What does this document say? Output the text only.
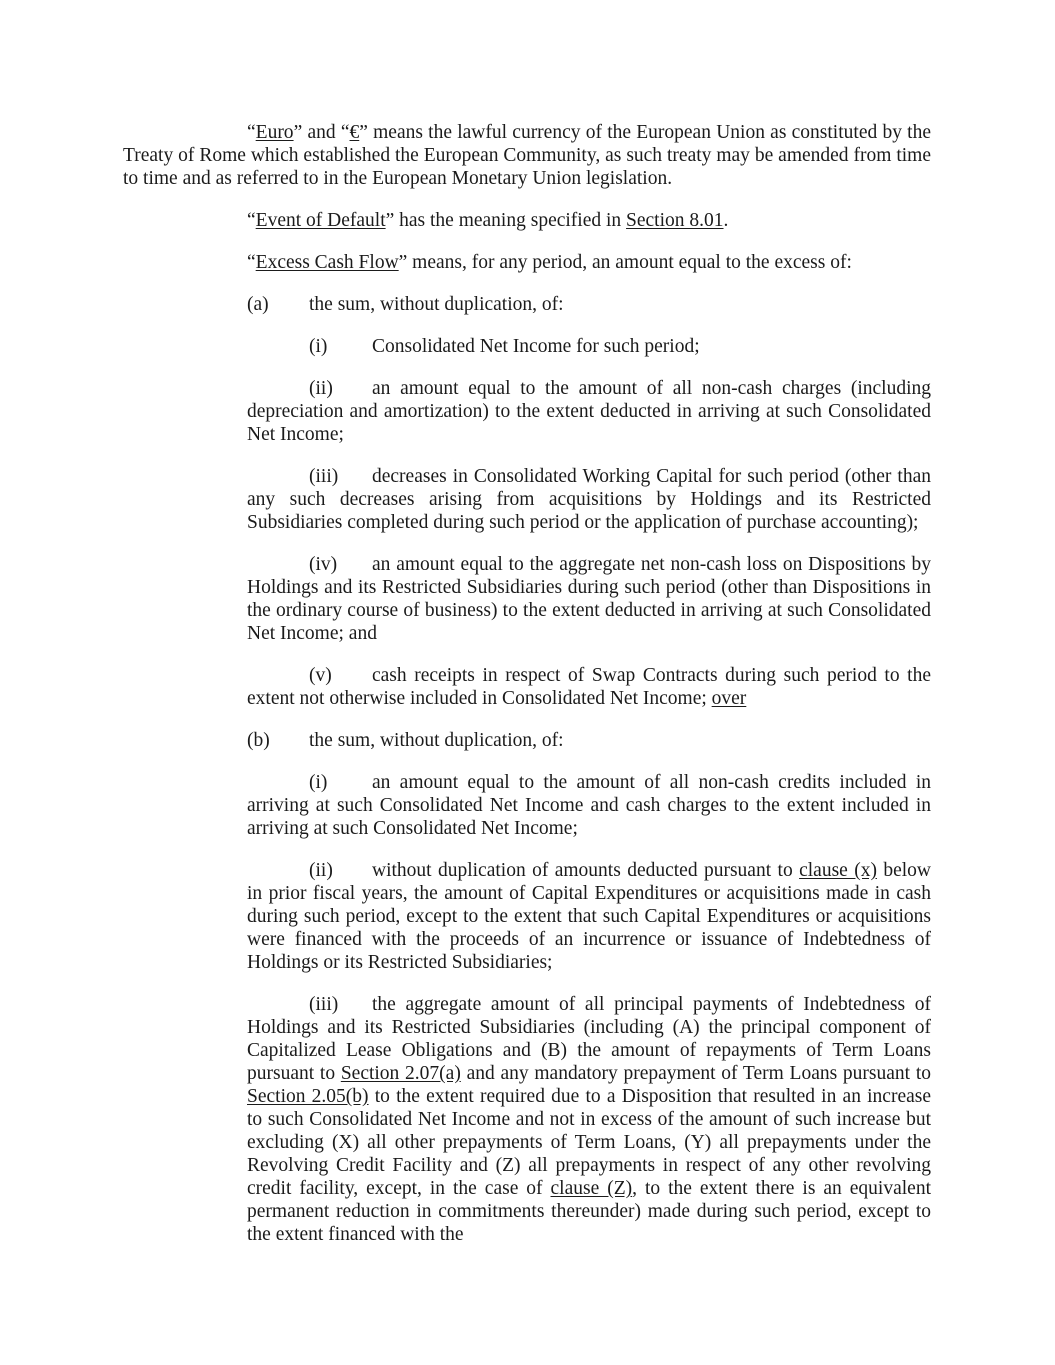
“Euro” and “€” means the lawful currency of the European Union as constituted by the Treaty of Rome which established the European Community, as such treaty may be amended from time to time and as referred to in the European Monetary Union legislation.

“Event of Default” has the meaning specified in Section 8.01.

“Excess Cash Flow” means, for any period, an amount equal to the excess of:

(a) the sum, without duplication, of:

(i) Consolidated Net Income for such period;

(ii) an amount equal to the amount of all non-cash charges (including depreciation and amortization) to the extent deducted in arriving at such Consolidated Net Income;

(iii) decreases in Consolidated Working Capital for such period (other than any such decreases arising from acquisitions by Holdings and its Restricted Subsidiaries completed during such period or the application of purchase accounting);

(iv) an amount equal to the aggregate net non-cash loss on Dispositions by Holdings and its Restricted Subsidiaries during such period (other than Dispositions in the ordinary course of business) to the extent deducted in arriving at such Consolidated Net Income; and

(v) cash receipts in respect of Swap Contracts during such period to the extent not otherwise included in Consolidated Net Income; over

(b) the sum, without duplication, of:

(i) an amount equal to the amount of all non-cash credits included in arriving at such Consolidated Net Income and cash charges to the extent included in arriving at such Consolidated Net Income;

(ii) without duplication of amounts deducted pursuant to clause (x) below in prior fiscal years, the amount of Capital Expenditures or acquisitions made in cash during such period, except to the extent that such Capital Expenditures or acquisitions were financed with the proceeds of an incurrence or issuance of Indebtedness of Holdings or its Restricted Subsidiaries;

(iii) the aggregate amount of all principal payments of Indebtedness of Holdings and its Restricted Subsidiaries (including (A) the principal component of Capitalized Lease Obligations and (B) the amount of repayments of Term Loans pursuant to Section 2.07(a) and any mandatory prepayment of Term Loans pursuant to Section 2.05(b) to the extent required due to a Disposition that resulted in an increase to such Consolidated Net Income and not in excess of the amount of such increase but excluding (X) all other prepayments of Term Loans, (Y) all prepayments under the Revolving Credit Facility and (Z) all prepayments in respect of any other revolving credit facility, except, in the case of clause (Z), to the extent there is an equivalent permanent reduction in commitments thereunder) made during such period, except to the extent financed with the
